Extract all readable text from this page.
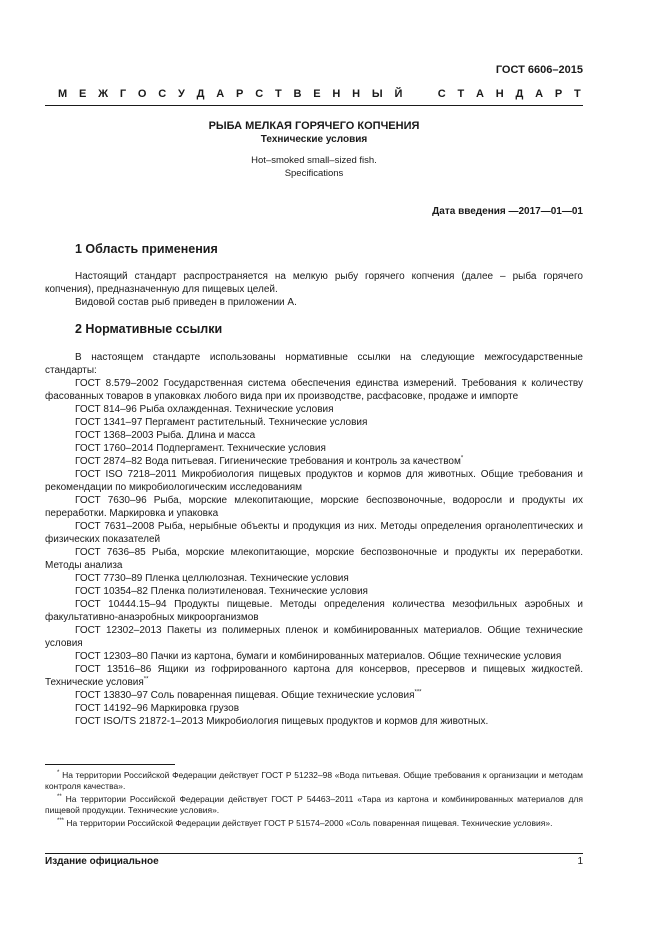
ГОСТ 6606–2015
М Е Ж Г О С У Д А Р С Т В Е Н Н Ы Й	С Т А Н Д А Р Т
РЫБА МЕЛКАЯ ГОРЯЧЕГО КОПЧЕНИЯ
Технические условия
Hot–smoked small–sized fish.
Specifications
Дата введения —2017—01—01
1 Область применения

Настоящий стандарт распространяется на мелкую рыбу горячего копчения (далее – рыба горячего копчения), предназначенную для пищевых целей.

Видовой состав рыб приведен в приложении А.

2 Нормативные ссылки

В настоящем стандарте использованы нормативные ссылки на следующие межгосударственные стандарты:

ГОСТ 8.579–2002 Государственная система обеспечения единства измерений. Требования к количеству фасованных товаров в упаковках любого вида при их производстве, расфасовке, продаже и импорте

ГОСТ 814–96 Рыба охлажденная. Технические условия

ГОСТ 1341–97 Пергамент растительный. Технические условия

ГОСТ 1368–2003 Рыба. Длина и масса

ГОСТ 1760–2014 Подпергамент. Технические условия

ГОСТ 2874–82 Вода питьевая. Гигиенические требования и контроль за качеством*

ГОСТ ISO 7218–2011 Микробиология пищевых продуктов и кормов для животных. Общие требования и рекомендации по микробиологическим исследованиям

ГОСТ 7630–96 Рыба, морские млекопитающие, морские беспозвоночные, водоросли и продукты их переработки. Маркировка и упаковка

ГОСТ 7631–2008 Рыба, нерыбные объекты и продукция из них. Методы определения органолептических и физических показателей

ГОСТ 7636–85 Рыба, морские млекопитающие, морские беспозвоночные и продукты их переработки. Методы анализа

ГОСТ 7730–89 Пленка целлюлозная. Технические условия

ГОСТ 10354–82 Пленка полиэтиленовая. Технические условия

ГОСТ 10444.15–94 Продукты пищевые. Методы определения количества мезофильных аэробных и факультативно-анаэробных микроорганизмов

ГОСТ 12302–2013 Пакеты из полимерных пленок и комбинированных материалов. Общие технические условия

ГОСТ 12303–80 Пачки из картона, бумаги и комбинированных материалов. Общие технические условия

ГОСТ 13516–86 Ящики из гофрированного картона для консервов, пресервов и пищевых жидкостей. Технические условия**

ГОСТ 13830–97 Соль поваренная пищевая. Общие технические условия***

ГОСТ 14192–96 Маркировка грузов

ГОСТ ISO/TS 21872-1–2013 Микробиология пищевых продуктов и кормов для животных.

* На территории Российской Федерации действует ГОСТ Р 51232–98 «Вода питьевая. Общие требования к организации и методам контроля качества».

** На территории Российской Федерации действует ГОСТ Р 54463–2011 «Тара из картона и комбинированных материалов для пищевой продукции. Технические условия».

*** На территории Российской Федерации действует ГОСТ Р 51574–2000 «Соль поваренная пищевая. Технические условия».

Издание официальное	1
